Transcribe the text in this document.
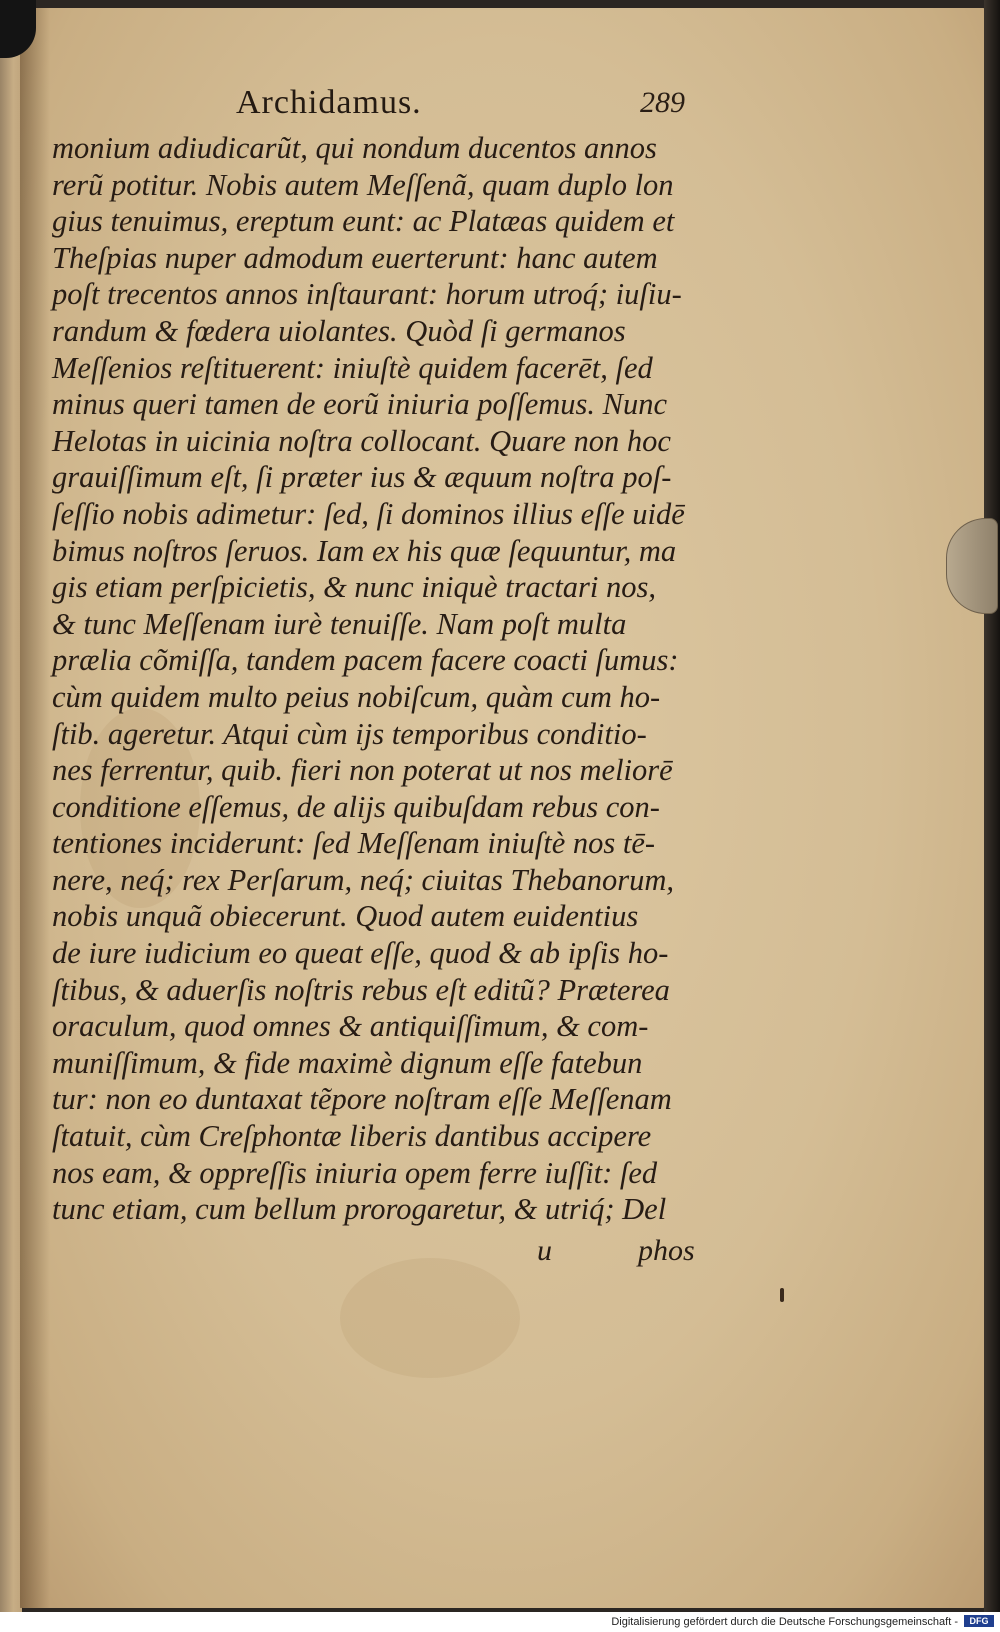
Archidamus.	289
monium adiudicarũt, qui nondum ducentos annos
rerũ potitur. Nobis autem Meſſenã, quam duplo lon
gius tenuimus, ereptum eunt: ac Platæas quidem et
Theſpias nuper admodum euerterunt: hanc autem
poſt trecentos annos inſtaurant: horum utroq́; iuſiu-
randum & fœdera uiolantes. Quòd ſi germanos
Meſſenios reſtituerent: iniuſtè quidem facerēt, ſed
minus queri tamen de eorũ iniuria poſſemus. Nunc
Helotas in uicinia noſtra collocant. Quare non hoc
grauiſſimum eſt, ſi præter ius & æquum noſtra poſ-
ſeſſio nobis adimetur: ſed, ſi dominos illius eſſe uidē
bimus noſtros ſeruos. Iam ex his quæ ſequuntur, ma
gis etiam perſpicietis, & nunc iniquè tractari nos,
& tunc Meſſenam iurè tenuiſſe. Nam poſt multa
prælia cõmiſſa, tandem pacem facere coacti ſumus:
cùm quidem multo peius nobiſcum, quàm cum ho-
ſtib. ageretur. Atqui cùm ijs temporibus conditio-
nes ferrentur, quib. fieri non poterat ut nos meliorē
conditione eſſemus, de alijs quibuſdam rebus con-
tentiones inciderunt: ſed Meſſenam iniuſtè nos tē-
nere, neq́; rex Perſarum, neq́; ciuitas Thebanorum,
nobis unquã obiecerunt. Quod autem euidentius
de iure iudicium eo queat eſſe, quod & ab ipſis ho-
ſtibus, & aduerſis noſtris rebus eſt editũ? Præterea
oraculum, quod omnes & antiquiſſimum, & com-
muniſſimum, & fide maximè dignum eſſe fatebun
tur: non eo duntaxat tẽpore noſtram eſſe Meſſenam
ſtatuit, cùm Creſphontæ liberis dantibus accipere
nos eam, & oppreſſis iniuria opem ferre iuſſit: ſed
tunc etiam, cum bellum prorogaretur, & utriq́; Del
u	phos
Digitalisierung gefördert durch die Deutsche Forschungsgemeinschaft -	DFG
